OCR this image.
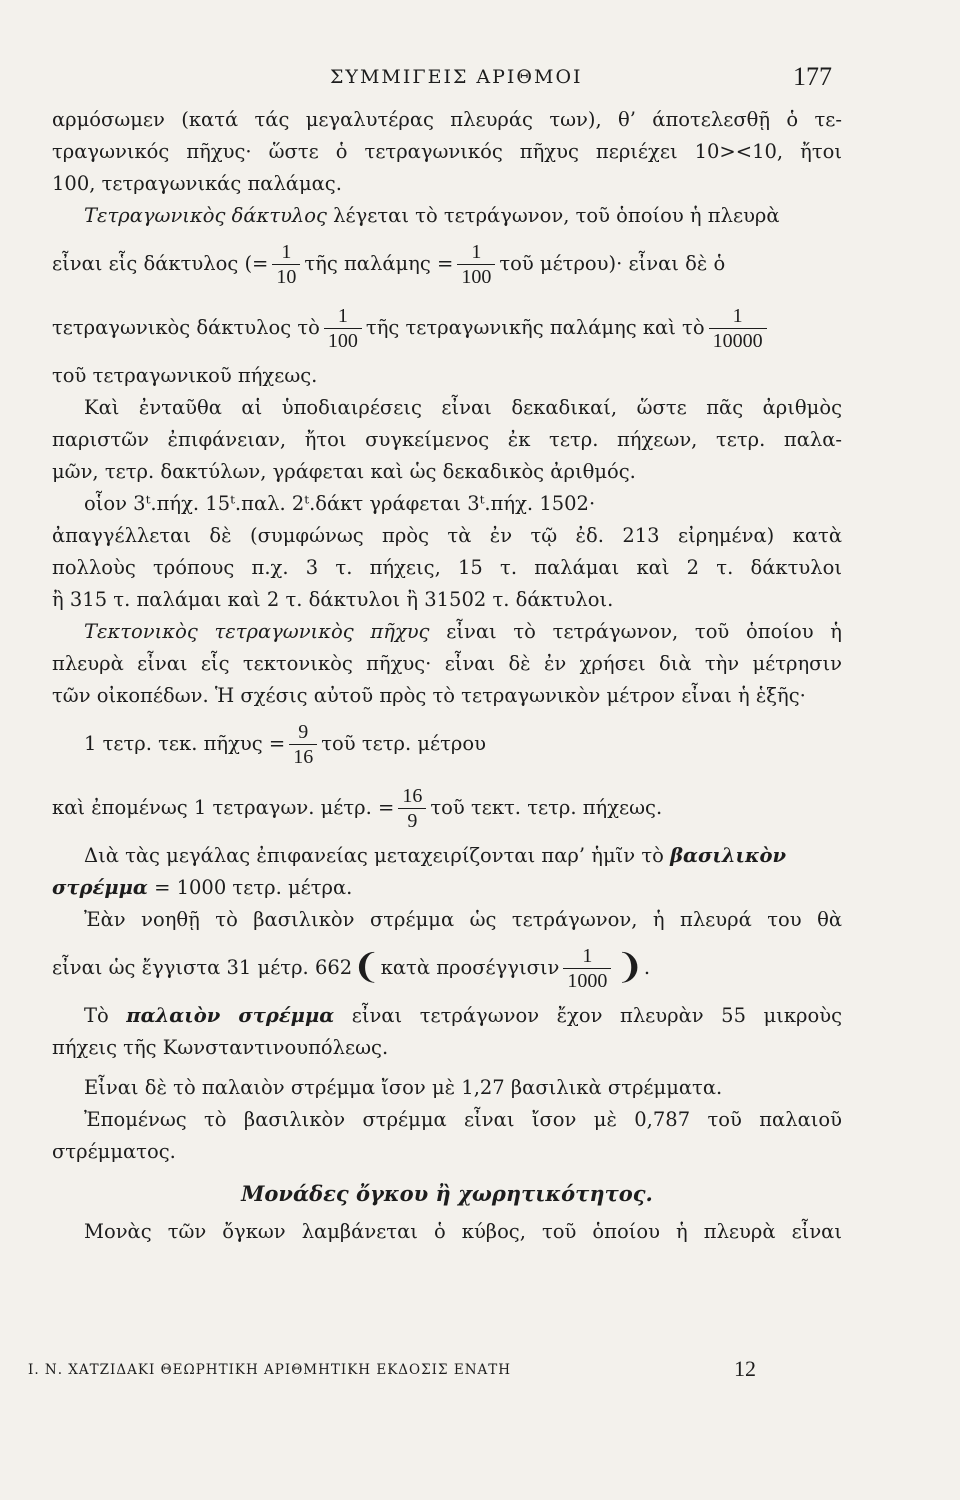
ΣΥΜΜΙΓΕΙΣ ΑΡΙΘΜΟΙ	177
αρμόσωμεν (κατά τάς μεγαλυτέρας πλευράς των), θ’ άποτελεσθῇ ὁ τε-
τραγωνικός πῆχυς· ὥστε ὁ τετραγωνικός πῆχυς περιέχει 10><10, ἤτοι
100, τετραγωνικάς παλάμας.
Τετραγωνικὸς δάκτυλος λέγεται τὸ τετράγωνον, τοῦ ὁποίου ἡ πλευρὰ
εἶναι εἷς δάκτυλος (= $\frac{1}{10}$ τῆς $\pi\alpha\lambda ά\mu\eta\varsigma = \frac{1}{100}$ τοῦ μέτρου)· εἶναι δὲ ὁ
τετραγωνικὸς δάκτυλος τὸ $\frac{1}{100}$ τῆς τετραγωνικῆς παλάμης καὶ τὸ $\frac{1}{10000}$
τοῦ τετραγωνικοῦ πήχεως.
Καὶ ἐνταῦθα αἱ ὑποδιαιρέσεις εἶναι δεκαδικαί, ὥστε πᾶς ἀριθμὸς
παριστῶν ἐπιφάνειαν, ἤτοι συγκείμενος ἐκ τετρ. πήχεων, τετρ. παλα-
μῶν, τετρ. δακτύλων, γράφεται καὶ ὡς δεκαδικὸς ἀριθμός.
οἷον 3ᵗ.πήχ. 15ᵗ.παλ. 2ᵗ.δάκτ γράφεται 3ᵗ.πήχ. 1502·
ἀπαγγέλλεται δὲ (συμφώνως πρὸς τὰ ἐν τῷ ἐδ. 213 εἰρημένα) κατὰ
πολλοὺς τρόπους π.χ. 3 τ. πήχεις, 15 τ. παλάμαι καὶ 2 τ. δάκτυλοι
ἢ 315 τ. παλάμαι καὶ 2 τ. δάκτυλοι ἢ 31502 τ. δάκτυλοι.
Τεκτονικὸς τετραγωνικὸς πῆχυς εἶναι τὸ τετράγωνον, τοῦ ὁποίου ἡ
πλευρὰ εἶναι εἷς τεκτονικὸς πῆχυς· εἶναι δὲ ἐν χρήσει διὰ τὴν μέτρησιν
τῶν οἰκοπέδων. Ἡ σχέσις αὐτοῦ πρὸς τὸ τετραγωνικὸν μέτρον εἶναι ἡ ἑξῆς·
1 τετρ. τεκ. πῆχυς = $\frac{9}{16}$ τοῦ τετρ. μέτρου
καὶ ἐπομένως 1 τετραγων. μέτρ. = $\frac{16}{9}$ τοῦ τεκτ. τετρ. πήχεως.
Διὰ τὰς μεγάλας ἐπιφανείας μεταχειρίζονται παρ’ ἡμῖν τὸ βασιλικὸν
στρέμμα = 1000 τετρ. μέτρα.
Ἐὰν νοηθῇ τὸ βασιλικὸν στρέμμα ὡς τετράγωνον, ἡ πλευρά του θὰ
εἶναι ὡς ἔγγιστα 31 μέτρ. 662 ❨ κατὰ προσέγγισιν $\frac{1}{1000}$ ❩ .
Τὸ παλαιὸν στρέμμα εἶναι τετράγωνον ἔχον πλευρὰν 55 μικροὺς
πήχεις τῆς Κωνσταντινουπόλεως.
Εἶναι δὲ τὸ παλαιὸν στρέμμα ἴσον μὲ 1,27 βασιλικὰ στρέμματα.
Ἐπομένως τὸ βασιλικὸν στρέμμα εἶναι ἴσον μὲ 0,787 τοῦ παλαιοῦ
στρέμματος.
Μονάδες ὄγκου ἢ χωρητικότητος.
Μονὰς τῶν ὄγκων λαμβάνεται ὁ κύβος, τοῦ ὁποίου ἡ πλευρὰ εἶναι
Ι. Ν. ΧΑΤΖΙΔΑΚΙ ΘΕΩΡΗΤΙΚΗ ΑΡΙΘΜΗΤΙΚΗ ΕΚΔΟΣΙΣ ΕΝΑΤΗ	12
